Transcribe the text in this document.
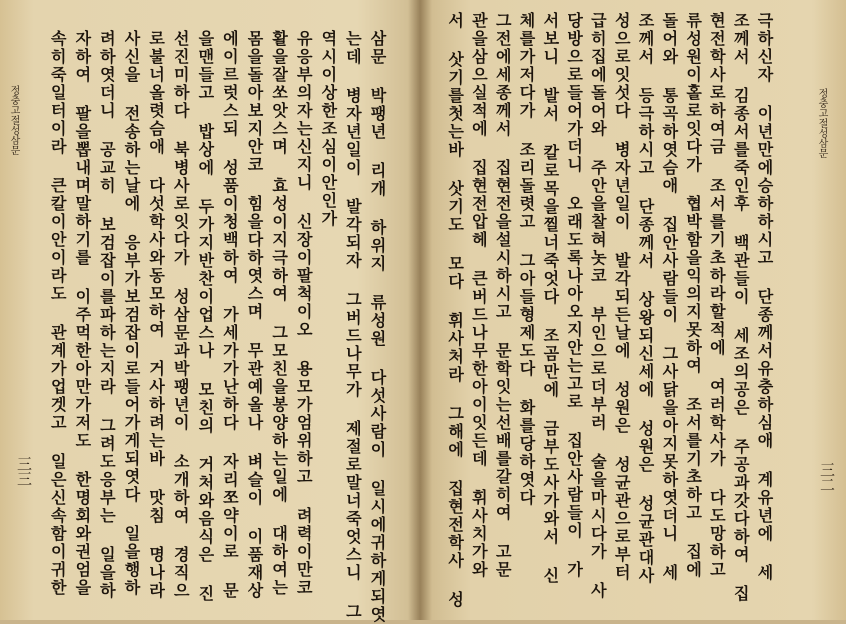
정충고절성삼문
三三	삼문 박팽년 리개 하위지 류성원 다섯사람이 일시에귀하게되엿
는데 병자년일이 발각되자 그버드나무가 제절로말너죽엇스니 그
역시이상한조심이안인가
유응부의자는신지니 신장이팔척이오 용모가엄위하고 려력이만코
활을잘쏘앗스며 효성이지극하여 그모친을봉양하는일에 대하여는
몸을돌아보지안코 힘을다하엿스며 무관예올나 벼슬이 이품재상
에이르럿스되 성품이청백하여 가세가가난하다 자리쪼약이로 문
을맨들고 밥상에 두가지반찬이업스나 모친의 거처와음식은 진
선진미하다 북병사로잇다가 성삼문과박팽년이 소개하여 경직으
로불너올렷슴애 다섯학사와동모하여 거사하려는바 맛침 명나라
사신을 전송하는날에 응부가보검잡이로들어가게되엿다 일을행하
려하엿더니 공교히 보검잡이를파하는지라 그려도응부는 일을하
자하여 팔을뽑내며말하기를 이주먹한아만가저도 한명회와권엄을
속히죽일터이라 큰칼이안이라도 관계가업겟고 일은신속함이귀한	정충고절성삼문
三二
극하신자 이년만에승하하시고 단종께서유충하심애 계유년에 세
조께서 김종서를죽인후 백관들이 세조의공은 주공과갓다하여 집
현전학사로하여금 조서를기초하라할적에 여러학사가 다도망하고
류성원이홀로잇다가 협박함을익의지못하여 조서를기초하고 집에
돌어와 통곡하엿슴애 집안사람들이 그사닭을아지못하엿더니 세
조께서 등극하시고 단종께서 상왕되신세에 성원은 성균관대사
성으로잇섯다 병자년일이 발각되든날에 성원은 성균관으로부터
급히집에돌어와 주안을찰혀놋코 부인으로더부러 술을마시다가 사
당방으로들어가더니 오래도록나아오지안는고로 집안사람들이 가
서보니 발서 칼로목을찔너죽엇다 조곰만에 금부도사가와서 신
체를가저다가 조리돌렷고 그아들형제도다 화를당하엿다
그전에세종께서 집현전을설시하시고 문학잇는선배를갈히여 고문
관을삼으실적에 집현전압헤 큰버드나무한아이잇든데 휘사치가와
서 삿기를첫는바 삿기도 모다 휘사처라 그해에 집현전학사 성
